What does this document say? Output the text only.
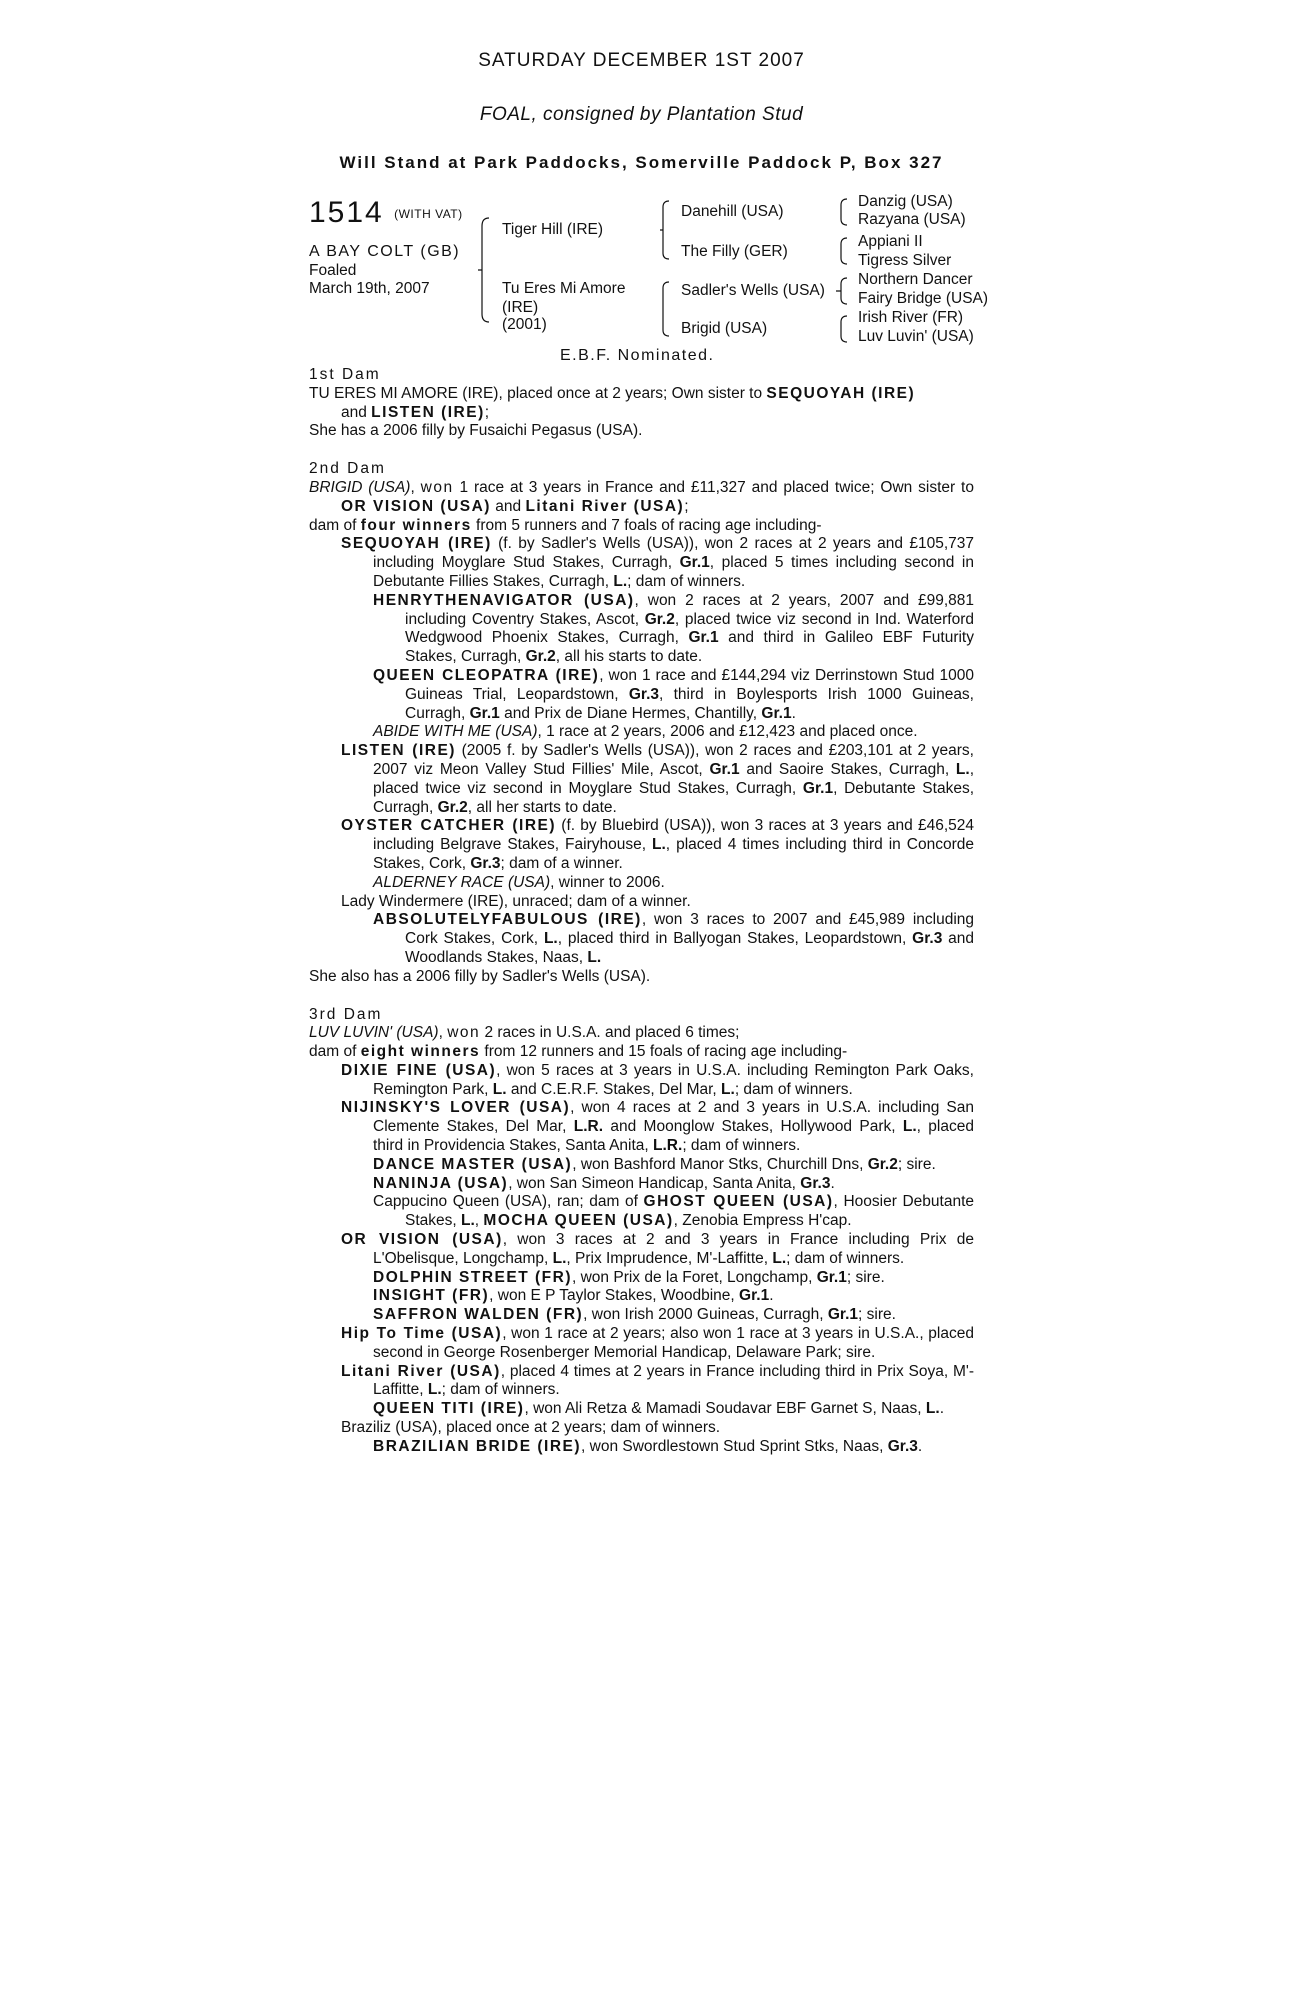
SATURDAY DECEMBER 1ST 2007
FOAL, consigned by Plantation Stud
Will Stand at Park Paddocks, Somerville Paddock P, Box 327
1514 (WITH VAT)
A BAY COLT (GB)
Foaled
March 19th, 2007
Tiger Hill (IRE)
Tu Eres Mi Amore
(IRE)
(2001)
Danehill (USA)
The Filly (GER)
Sadler's Wells (USA)
Brigid (USA)
Danzig (USA)
Razyana (USA)
Appiani II
Tigress Silver
Northern Dancer
Fairy Bridge (USA)
Irish River (FR)
Luv Luvin' (USA)
E.B.F. Nominated.

1st Dam

TU ERES MI AMORE (IRE), placed once at 2 years; Own sister to SEQUOYAH (IRE)

and LISTEN (IRE);

She has a 2006 filly by Fusaichi Pegasus (USA).

2nd Dam

BRIGID (USA), won 1 race at 3 years in France and £11,327 and placed twice; Own sister to OR VISION (USA) and Litani River (USA);

dam of four winners from 5 runners and 7 foals of racing age including-

SEQUOYAH (IRE) (f. by Sadler's Wells (USA)), won 2 races at 2 years and £105,737 including Moyglare Stud Stakes, Curragh, Gr.1, placed 5 times including second in Debutante Fillies Stakes, Curragh, L.; dam of winners.

HENRYTHENAVIGATOR (USA), won 2 races at 2 years, 2007 and £99,881 including Coventry Stakes, Ascot, Gr.2, placed twice viz second in Ind. Waterford Wedgwood Phoenix Stakes, Curragh, Gr.1 and third in Galileo EBF Futurity Stakes, Curragh, Gr.2, all his starts to date.

QUEEN CLEOPATRA (IRE), won 1 race and £144,294 viz Derrinstown Stud 1000 Guineas Trial, Leopardstown, Gr.3, third in Boylesports Irish 1000 Guineas, Curragh, Gr.1 and Prix de Diane Hermes, Chantilly, Gr.1.

ABIDE WITH ME (USA), 1 race at 2 years, 2006 and £12,423 and placed once.

LISTEN (IRE) (2005 f. by Sadler's Wells (USA)), won 2 races and £203,101 at 2 years, 2007 viz Meon Valley Stud Fillies' Mile, Ascot, Gr.1 and Saoire Stakes, Curragh, L., placed twice viz second in Moyglare Stud Stakes, Curragh, Gr.1, Debutante Stakes, Curragh, Gr.2, all her starts to date.

OYSTER CATCHER (IRE) (f. by Bluebird (USA)), won 3 races at 3 years and £46,524 including Belgrave Stakes, Fairyhouse, L., placed 4 times including third in Concorde Stakes, Cork, Gr.3; dam of a winner.

ALDERNEY RACE (USA), winner to 2006.

Lady Windermere (IRE), unraced; dam of a winner.

ABSOLUTELYFABULOUS (IRE), won 3 races to 2007 and £45,989 including Cork Stakes, Cork, L., placed third in Ballyogan Stakes, Leopardstown, Gr.3 and Woodlands Stakes, Naas, L.

She also has a 2006 filly by Sadler's Wells (USA).

3rd Dam

LUV LUVIN' (USA), won 2 races in U.S.A. and placed 6 times;

dam of eight winners from 12 runners and 15 foals of racing age including-

DIXIE FINE (USA), won 5 races at 3 years in U.S.A. including Remington Park Oaks, Remington Park, L. and C.E.R.F. Stakes, Del Mar, L.; dam of winners.

NIJINSKY'S LOVER (USA), won 4 races at 2 and 3 years in U.S.A. including San Clemente Stakes, Del Mar, L.R. and Moonglow Stakes, Hollywood Park, L., placed third in Providencia Stakes, Santa Anita, L.R.; dam of winners.

DANCE MASTER (USA), won Bashford Manor Stks, Churchill Dns, Gr.2; sire.

NANINJA (USA), won San Simeon Handicap, Santa Anita, Gr.3.

Cappucino Queen (USA), ran; dam of GHOST QUEEN (USA), Hoosier Debutante Stakes, L., MOCHA QUEEN (USA), Zenobia Empress H'cap.

OR VISION (USA), won 3 races at 2 and 3 years in France including Prix de L'Obelisque, Longchamp, L., Prix Imprudence, M'-Laffitte, L.; dam of winners.

DOLPHIN STREET (FR), won Prix de la Foret, Longchamp, Gr.1; sire.

INSIGHT (FR), won E P Taylor Stakes, Woodbine, Gr.1.

SAFFRON WALDEN (FR), won Irish 2000 Guineas, Curragh, Gr.1; sire.

Hip To Time (USA), won 1 race at 2 years; also won 1 race at 3 years in U.S.A., placed second in George Rosenberger Memorial Handicap, Delaware Park; sire.

Litani River (USA), placed 4 times at 2 years in France including third in Prix Soya, M'-Laffitte, L.; dam of winners.

QUEEN TITI (IRE), won Ali Retza & Mamadi Soudavar EBF Garnet S, Naas, L..

Braziliz (USA), placed once at 2 years; dam of winners.

BRAZILIAN BRIDE (IRE), won Swordlestown Stud Sprint Stks, Naas, Gr.3.
